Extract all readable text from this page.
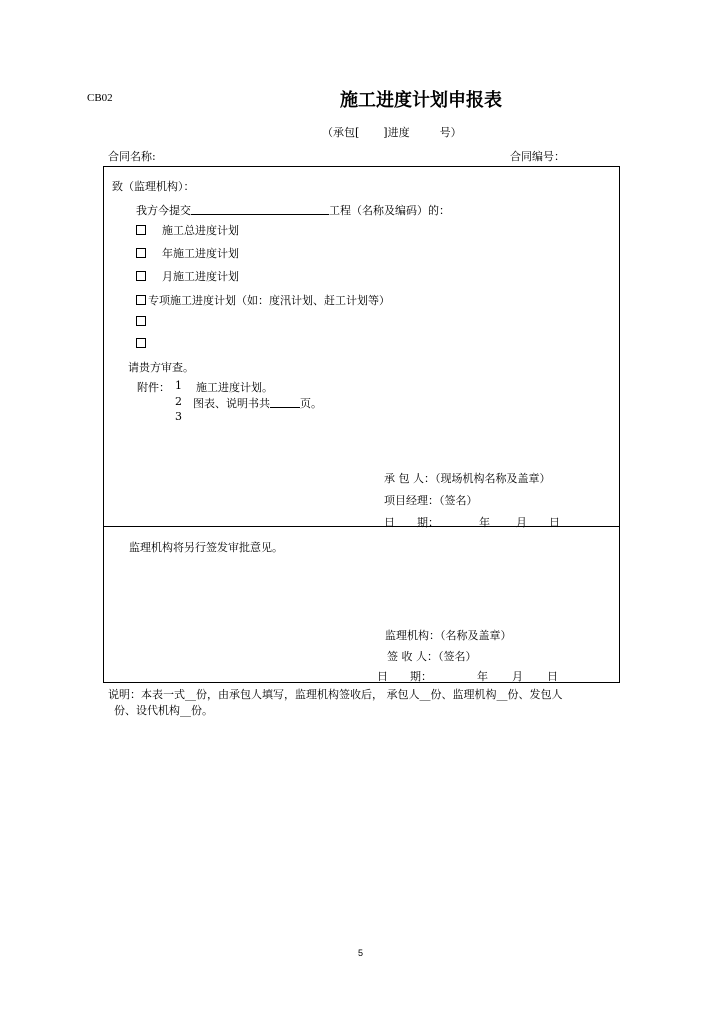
CB02	施工进度计划申报表
（承包[ ]进度	号）
合同名称:	合同编号：
致（监理机构）：
我方今提交	工程（名称及编码）的：
施工总进度计划
年施工进度计划
月施工进度计划
专项施工进度计划（如：度汛计划、赶工计划等）
请贵方审查。
附件： 1 施工进度计划。
2 图表、说明书共	页。
3
承 包 人：（现场机构名称及盖章）
项目经理：（签名）
日　　期：	年 月 日
监理机构将另行签发审批意见。
监理机构：（名称及盖章）
签 收 人：（签名）
日　　期：	年 月 日
说明：本表一式__份，由承包人填写，监理机构签收后， 承包人__份、监理机构__份、发包人
份、设代机构__份。
5
